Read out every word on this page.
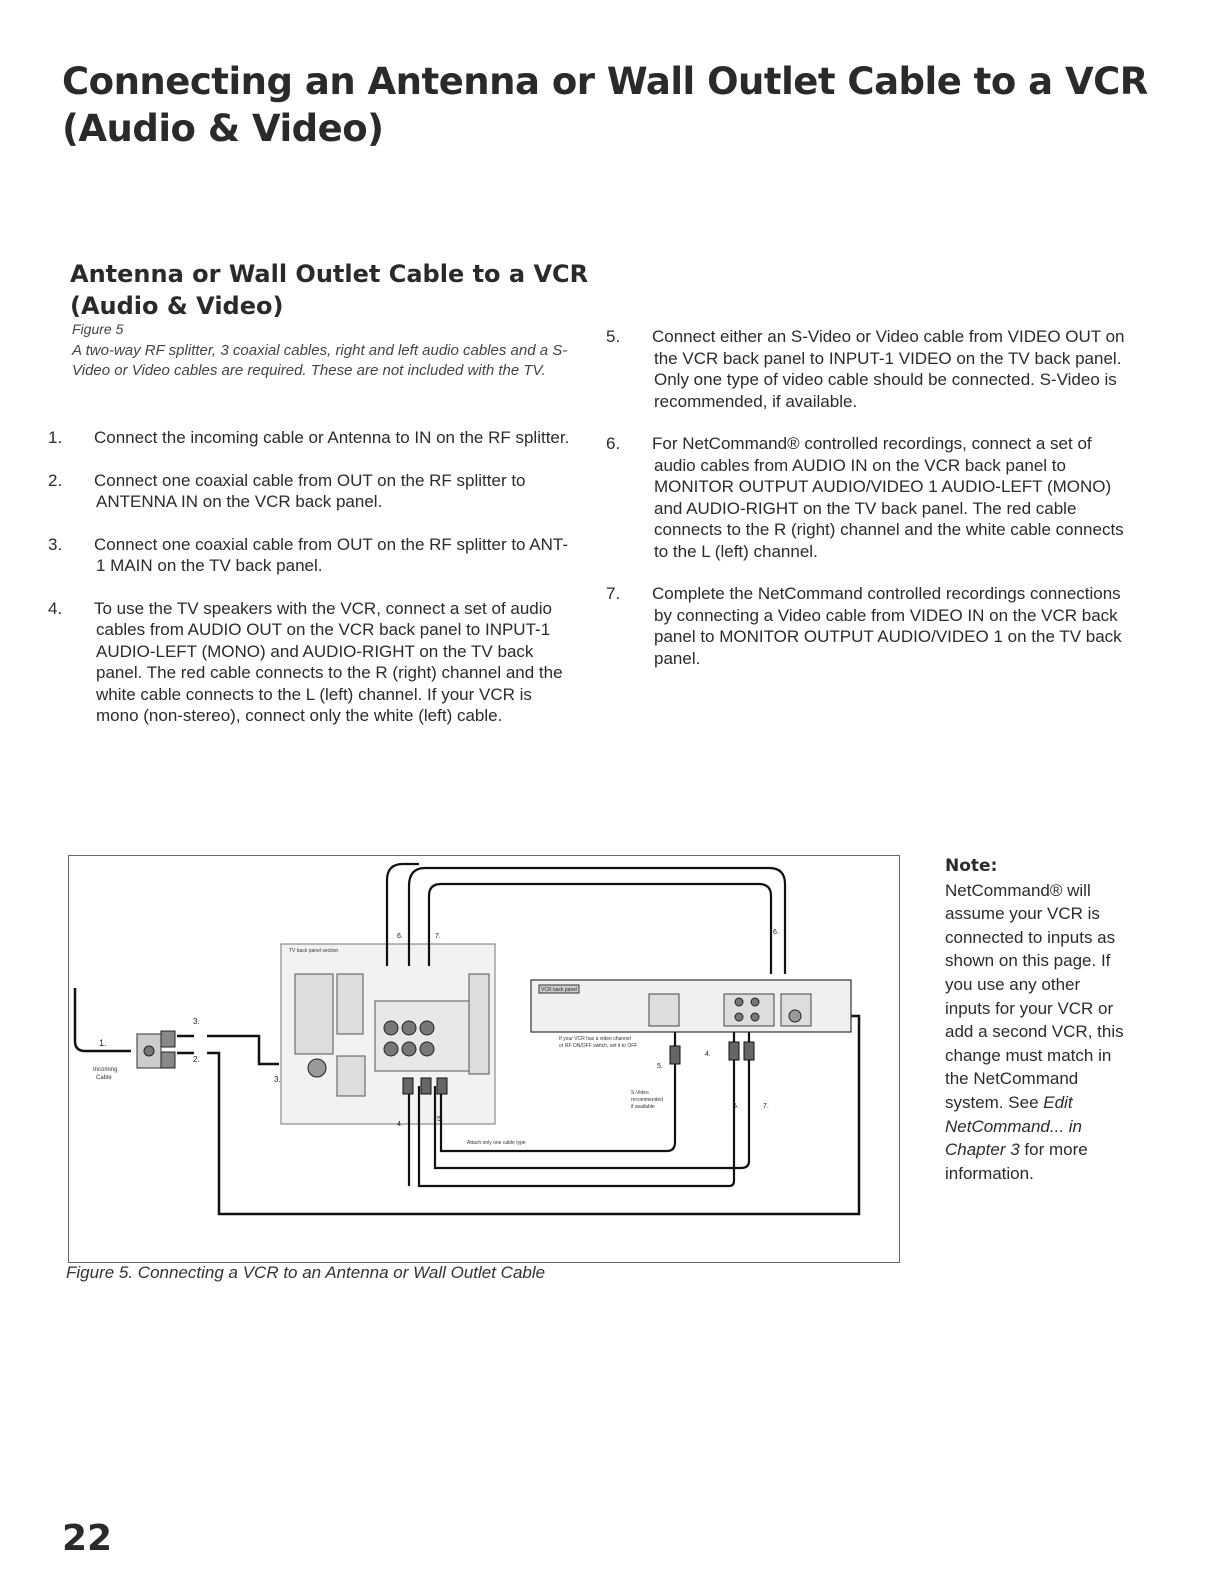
Connecting an Antenna or Wall Outlet Cable to a VCR (Audio & Video)
Antenna or Wall Outlet Cable to a VCR (Audio & Video)
Figure 5
A two-way RF splitter, 3 coaxial cables, right and left audio cables and a S-Video or Video cables are required. These are not included with the TV.
1. Connect the incoming cable or Antenna to IN on the RF splitter.
2. Connect one coaxial cable from OUT on the RF splitter to ANTENNA IN on the VCR back panel.
3. Connect one coaxial cable from OUT on the RF splitter to ANT-1 MAIN on the TV back panel.
4. To use the TV speakers with the VCR, connect a set of audio cables from AUDIO OUT on the VCR back panel to INPUT-1 AUDIO-LEFT (MONO) and AUDIO-RIGHT on the TV back panel. The red cable connects to the R (right) channel and the white cable connects to the L (left) channel. If your VCR is mono (non-stereo), connect only the white (left) cable.
5. Connect either an S-Video or Video cable from VIDEO OUT on the VCR back panel to INPUT-1 VIDEO on the TV back panel. Only one type of video cable should be connected. S-Video is recommended, if available.
6. For NetCommand® controlled recordings, connect a set of audio cables from AUDIO IN on the VCR back panel to MONITOR OUTPUT AUDIO/VIDEO 1 AUDIO-LEFT (MONO) and AUDIO-RIGHT on the TV back panel. The red cable connects to the R (right) channel and the white cable connects to the L (left) channel.
7. Complete the NetCommand controlled recordings connections by connecting a Video cable from VIDEO IN on the VCR back panel to MONITOR OUTPUT AUDIO/VIDEO 1 on the TV back panel.
1.
Incoming
Cable
3.
2.
3.
TV back panel section
6.	7.
6.
VCR back panel
If your VCR has a video channel
or RF ON/OFF switch, set it to OFF
4.
4.
5.
5.
S-Video
recommended
if available	5.	7.
Attach only one cable type
Figure 5. Connecting a VCR to an Antenna or Wall Outlet Cable
Note:
NetCommand® will assume your VCR is connected to inputs as shown on this page. If you use any other inputs for your VCR or add a second VCR, this change must match in the NetCommand system. See Edit NetCommand... in Chapter 3 for more information.
22
